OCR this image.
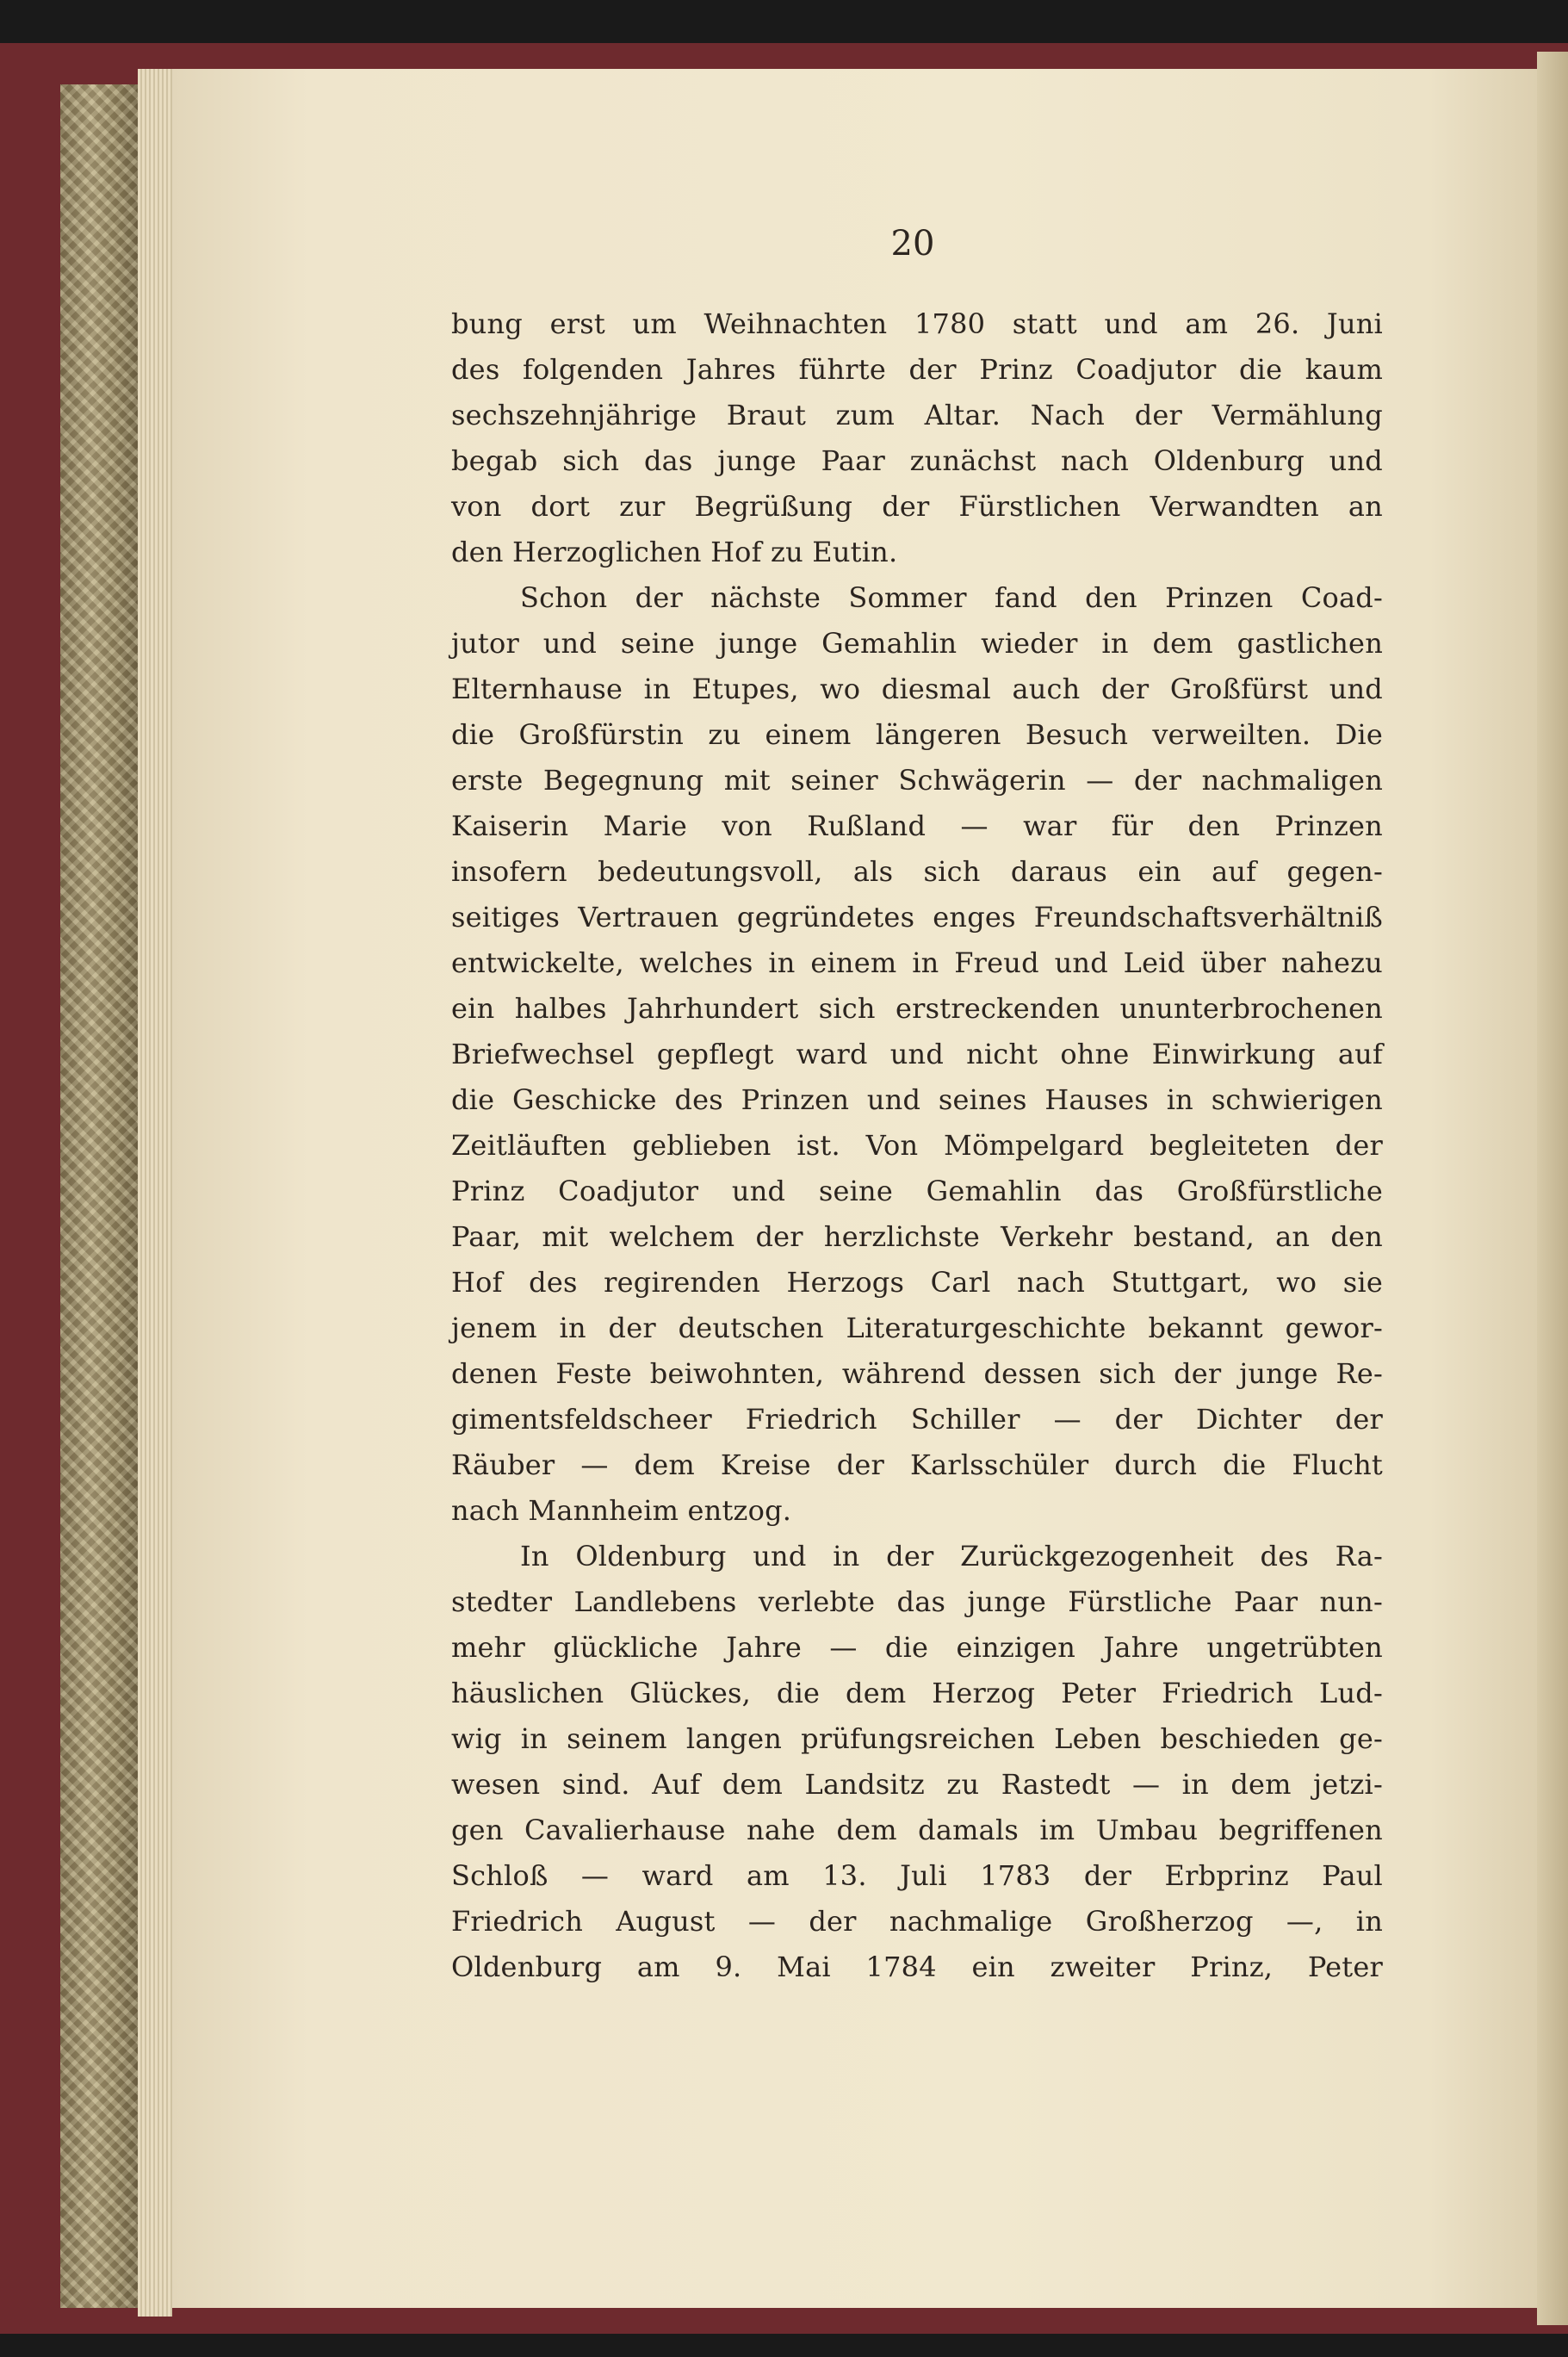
20
bung erst um Weihnachten 1780 statt und am 26. Juni
des folgenden Jahres führte der Prinz Coadjutor die kaum
sechszehnjährige Braut zum Altar. Nach der Vermählung
begab sich das junge Paar zunächst nach Oldenburg und
von dort zur Begrüßung der Fürstlichen Verwandten an
den Herzoglichen Hof zu Eutin.
Schon der nächste Sommer fand den Prinzen Coad-
jutor und seine junge Gemahlin wieder in dem gastlichen
Elternhause in Etupes, wo diesmal auch der Großfürst und
die Großfürstin zu einem längeren Besuch verweilten. Die
erste Begegnung mit seiner Schwägerin — der nachmaligen
Kaiserin Marie von Rußland — war für den Prinzen
insofern bedeutungsvoll, als sich daraus ein auf gegen-
seitiges Vertrauen gegründetes enges Freundschaftsverhältniß
entwickelte, welches in einem in Freud und Leid über nahezu
ein halbes Jahrhundert sich erstreckenden ununterbrochenen
Briefwechsel gepflegt ward und nicht ohne Einwirkung auf
die Geschicke des Prinzen und seines Hauses in schwierigen
Zeitläuften geblieben ist. Von Mömpelgard begleiteten der
Prinz Coadjutor und seine Gemahlin das Großfürstliche
Paar, mit welchem der herzlichste Verkehr bestand, an den
Hof des regirenden Herzogs Carl nach Stuttgart, wo sie
jenem in der deutschen Literaturgeschichte bekannt gewor-
denen Feste beiwohnten, während dessen sich der junge Re-
gimentsfeldscheer Friedrich Schiller — der Dichter der
Räuber — dem Kreise der Karlsschüler durch die Flucht
nach Mannheim entzog.
In Oldenburg und in der Zurückgezogenheit des Ra-
stedter Landlebens verlebte das junge Fürstliche Paar nun-
mehr glückliche Jahre — die einzigen Jahre ungetrübten
häuslichen Glückes, die dem Herzog Peter Friedrich Lud-
wig in seinem langen prüfungsreichen Leben beschieden ge-
wesen sind. Auf dem Landsitz zu Rastedt — in dem jetzi-
gen Cavalierhause nahe dem damals im Umbau begriffenen
Schloß — ward am 13. Juli 1783 der Erbprinz Paul
Friedrich August — der nachmalige Großherzog —, in
Oldenburg am 9. Mai 1784 ein zweiter Prinz, Peter
